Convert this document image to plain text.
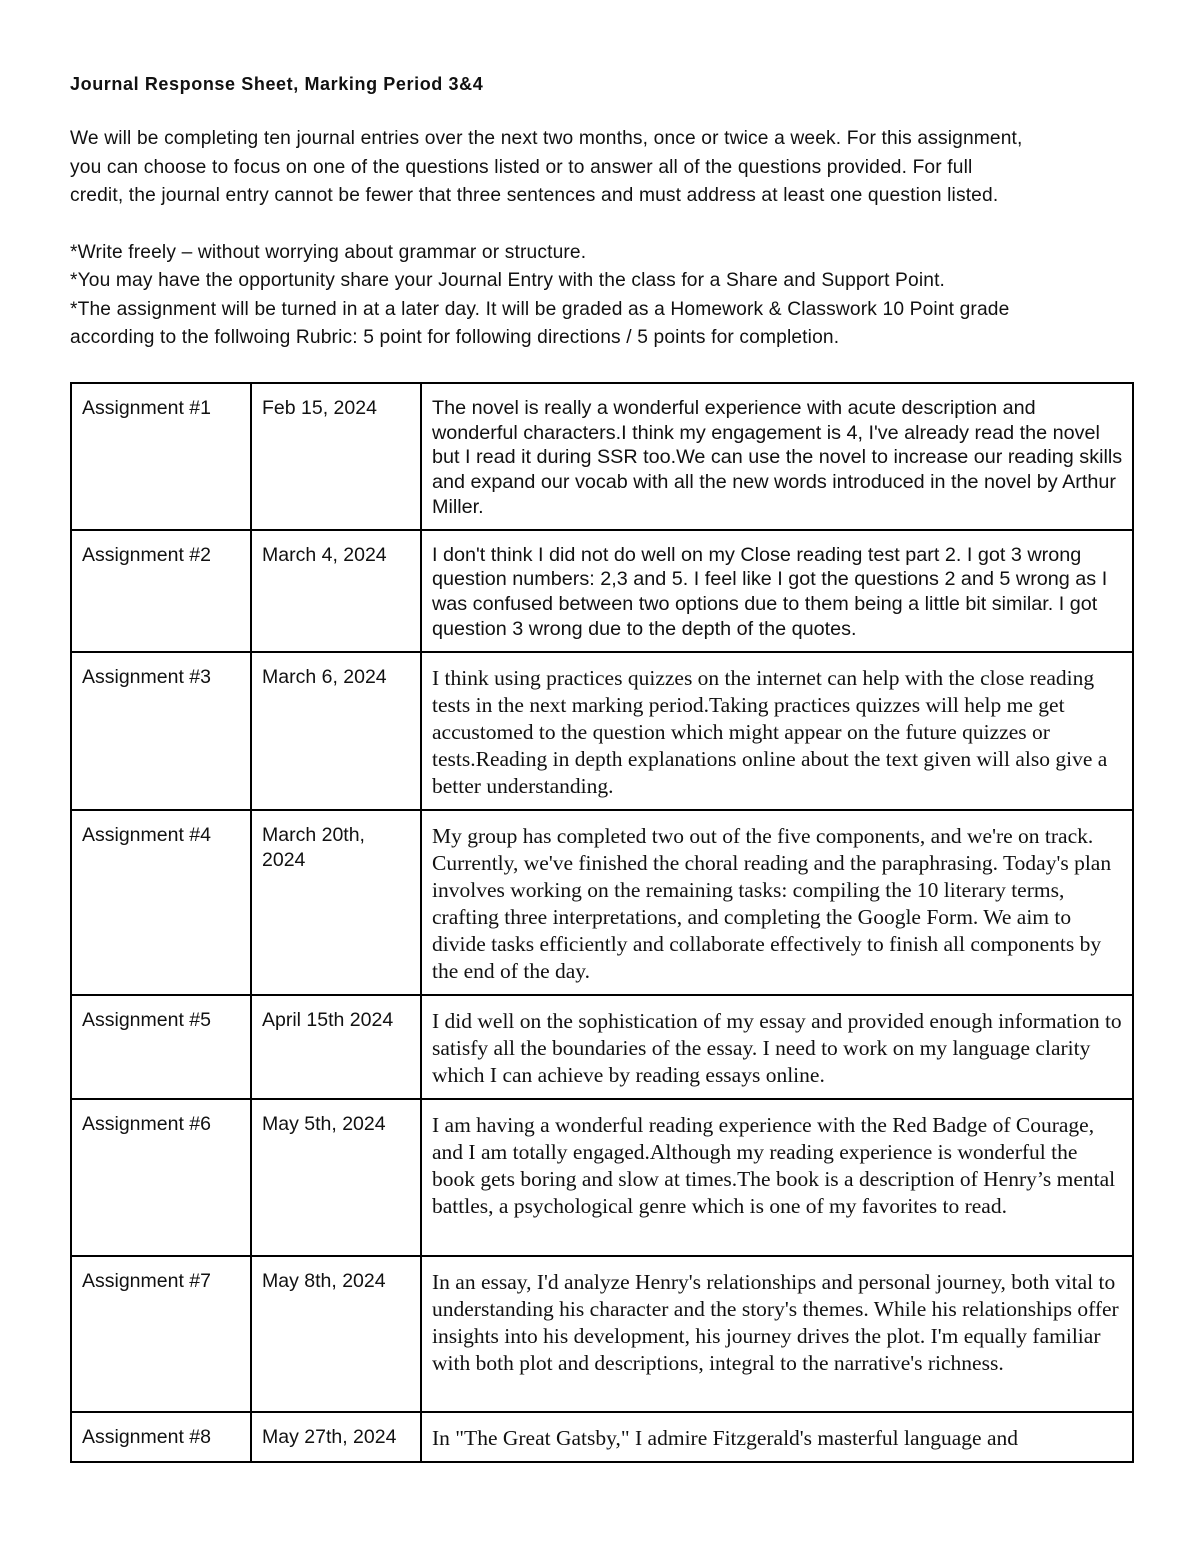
Journal Response Sheet, Marking Period 3&4

We will be completing ten journal entries over the next two months, once or twice a week. For this assignment,

you can choose to focus on one of the questions listed or to answer all of the questions provided. For full

credit, the journal entry cannot be fewer that three sentences and must address at least one question listed.

*Write freely – without worrying about grammar or structure.

*You may have the opportunity share your Journal Entry with the class for a Share and Support Point.

*The assignment will be turned in at a later day. It will be graded as a Homework & Classwork 10 Point grade

according to the follwoing Rubric: 5 point for following directions / 5 points for completion.

Assignment #1	Feb 15, 2024	The novel is really a wonderful experience with acute description and wonderful characters.I think my engagement is 4, I've already read the novel but I read it during SSR too.We can use the novel to increase our reading skills and expand our vocab with all the new words introduced in the novel by Arthur Miller.
Assignment #2	March 4, 2024	I don't think I did not do well on my Close reading test part 2. I got 3 wrong question numbers: 2,3 and 5. I feel like I got the questions 2 and 5 wrong as I was confused between two options due to them being a little bit similar. I got question 3 wrong due to the depth of the quotes.
Assignment #3	March 6, 2024	I think using practices quizzes on the internet can help with the close reading tests in the next marking period.Taking practices quizzes will help me get accustomed to the question which might appear on the future quizzes or tests.Reading in depth explanations online about the text given will also give a better understanding.
Assignment #4	March 20th, 2024	My group has completed two out of the five components, and we're on track. Currently, we've finished the choral reading and the paraphrasing. Today's plan involves working on the remaining tasks: compiling the 10 literary terms, crafting three interpretations, and completing the Google Form. We aim to divide tasks efficiently and collaborate effectively to finish all components by the end of the day.
Assignment #5	April 15th 2024	I did well on the sophistication of my essay and provided enough information to satisfy all the boundaries of the essay. I need to work on my language clarity which I can achieve by reading essays online.
Assignment #6	May 5th, 2024	I am having a wonderful reading experience with the Red Badge of Courage, and I am totally engaged.Although my reading experience is wonderful the book gets boring and slow at times.The book is a description of Henry’s mental battles, a psychological genre which is one of my favorites to read.
Assignment #7	May 8th, 2024	In an essay, I'd analyze Henry's relationships and personal journey, both vital to understanding his character and the story's themes. While his relationships offer insights into his development, his journey drives the plot. I'm equally familiar with both plot and descriptions, integral to the narrative's richness.
Assignment #8	May 27th, 2024	In "The Great Gatsby," I admire Fitzgerald's masterful language and
